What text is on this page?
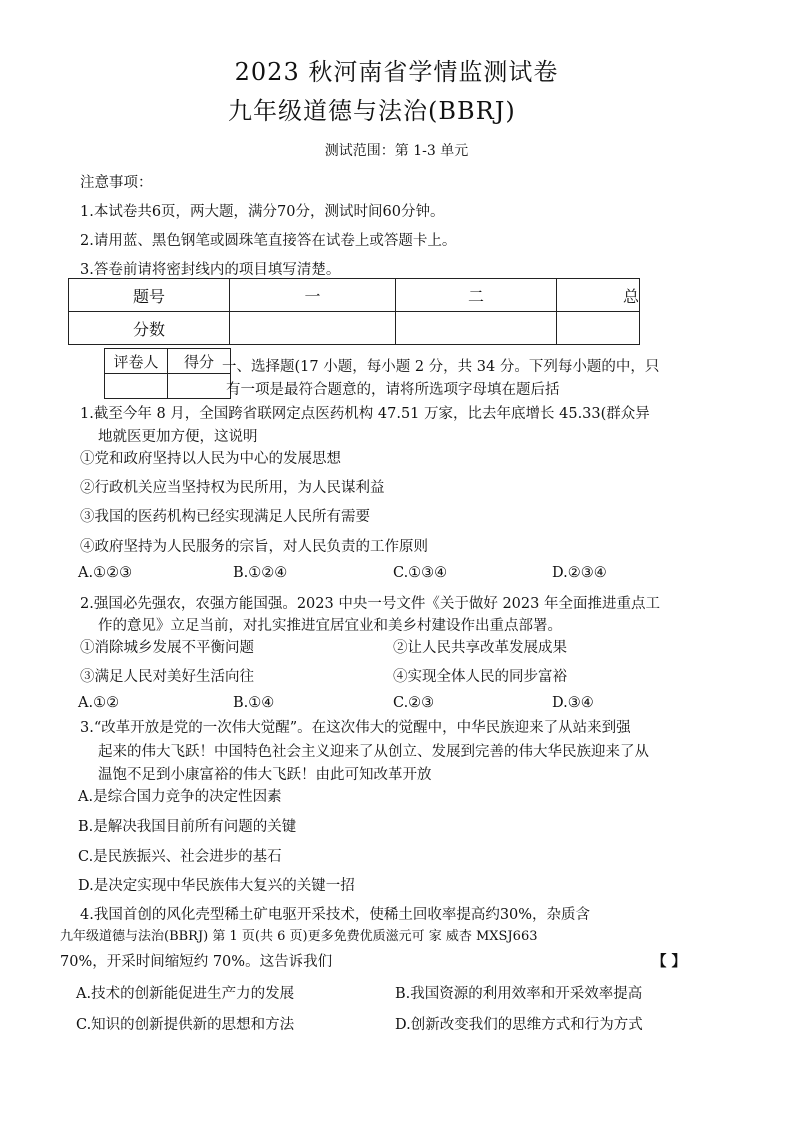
2023 秋河南省学情监测试卷
九年级道德与法治(BBRJ)
测试范围：第 1-3 单元
注意事项：
1.本试卷共6页，两大题，满分70分，测试时间60分钟。
2.请用蓝、黑色钢笔或圆珠笔直接答在试卷上或答题卡上。
3.答卷前请将密封线内的项目填写清楚。
题号	一	二	总
分数			
评卷人	得分
	一、选择题(17 小题，每小题 2 分，共 34 分。下列每小题的中，只
有一项是最符合题意的，请将所选项字母填在题后括
1.截至今年 8 月，全国跨省联网定点医药机构 47.51 万家，比去年底增长 45.33(群众异
地就医更加方便，这说明
①党和政府坚持以人民为中心的发展思想
②行政机关应当坚持权为民所用，为人民谋利益
③我国的医药机构已经实现满足人民所有需要
④政府坚持为人民服务的宗旨，对人民负责的工作原则
A.①②③	B.①②④	C.①③④	D.②③④
2.强国必先强农，农强方能国强。2023 中央一号文件《关于做好 2023 年全面推进重点工
作的意见》立足当前，对扎实推进宜居宜业和美乡村建设作出重点部署。
①消除城乡发展不平衡问题	②让人民共享改革发展成果
③满足人民对美好生活向往	④实现全体人民的同步富裕
A.①②	B.①④	C.②③	D.③④
3.“改革开放是党的一次伟大觉醒”。在这次伟大的觉醒中，中华民族迎来了从站来到强
起来的伟大飞跃！中国特色社会主义迎来了从创立、发展到完善的伟大华民族迎来了从
温饱不足到小康富裕的伟大飞跃！由此可知改革开放
A.是综合国力竞争的决定性因素
B.是解决我国目前所有问题的关键
C.是民族振兴、社会进步的基石
D.是决定实现中华民族伟大复兴的关键一招
4.我国首创的风化壳型稀土矿电驱开采技术，使稀土回收率提高约30%，杂质含
九年级道德与法治(BBRJ) 第 1 页(共 6 页)更多免费优质滋元可 家 威杏 MXSJ663
70%，开采时间缩短约 70%。这告诉我们	【 】
A.技术的创新能促进生产力的发展	B.我国资源的利用效率和开采效率提高
C.知识的创新提供新的思想和方法	D.创新改变我们的思维方式和行为方式
